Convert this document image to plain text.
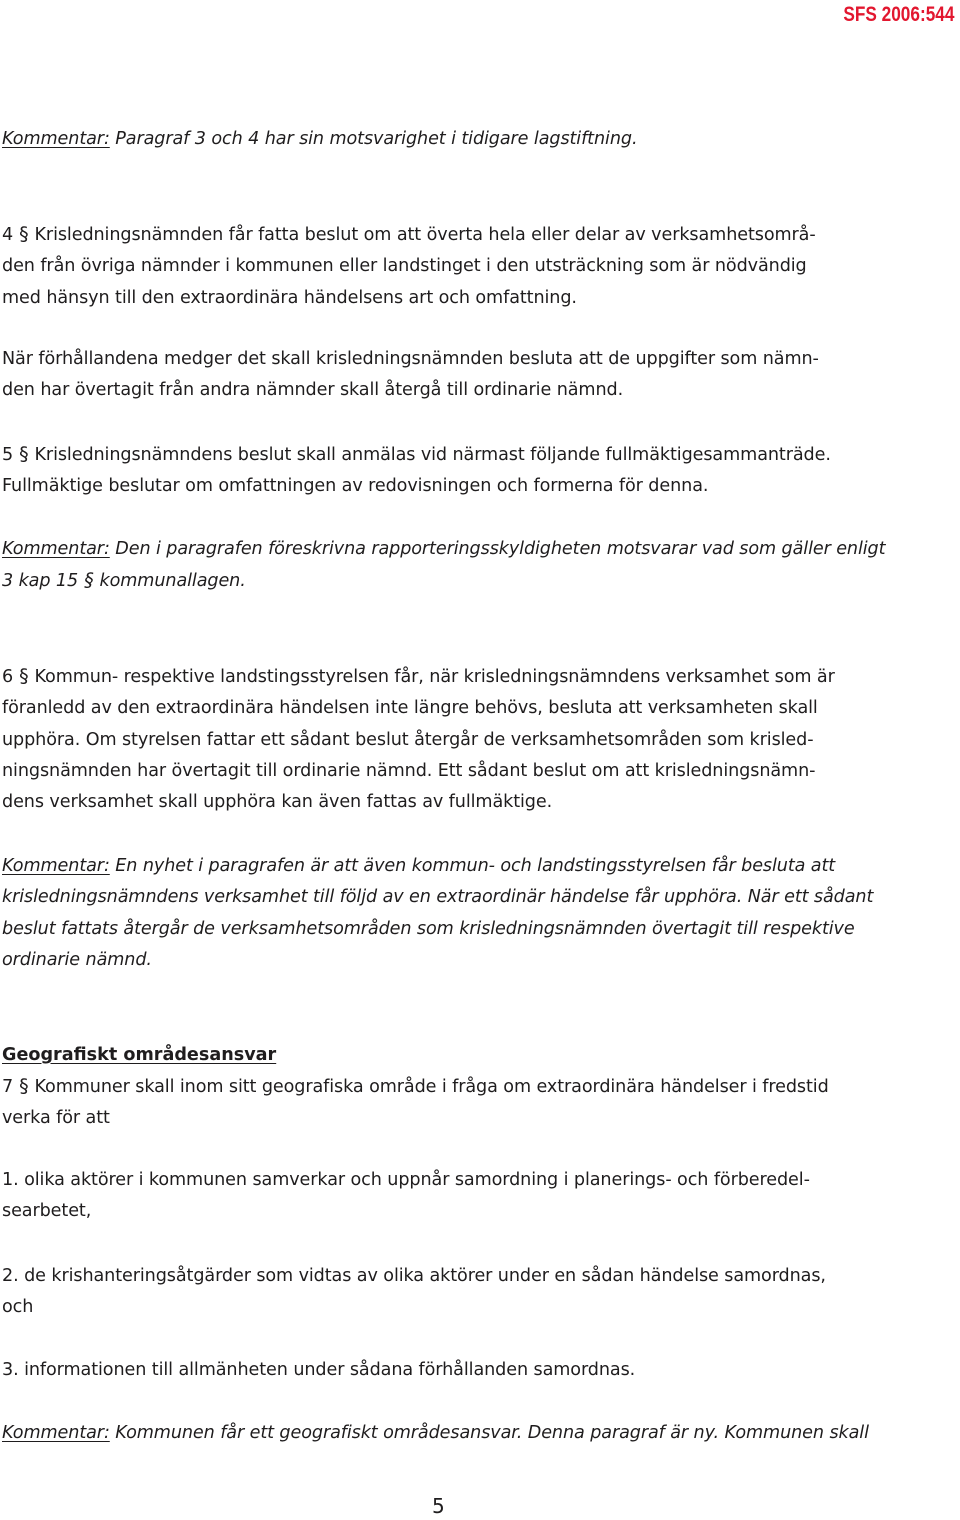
SFS 2006:544
Kommentar: Paragraf 3 och 4 har sin motsvarighet i tidigare lagstiftning.
4 § Krisledningsnämnden får fatta beslut om att överta hela eller delar av verksamhetsområ-
den från övriga nämnder i kommunen eller landstinget i den utsträckning som är nödvändig
med hänsyn till den extraordinära händelsens art och omfattning.
När förhållandena medger det skall krisledningsnämnden besluta att de uppgifter som nämn-
den har övertagit från andra nämnder skall återgå till ordinarie nämnd.
5 § Krisledningsnämndens beslut skall anmälas vid närmast följande fullmäktigesammanträde.
Fullmäktige beslutar om omfattningen av redovisningen och formerna för denna.
Kommentar: Den i paragrafen föreskrivna rapporteringsskyldigheten motsvarar vad som gäller enligt
3 kap 15 § kommunallagen.
6 § Kommun- respektive landstingsstyrelsen får, när krisledningsnämndens verksamhet som är
föranledd av den extraordinära händelsen inte längre behövs, besluta att verksamheten skall
upphöra. Om styrelsen fattar ett sådant beslut återgår de verksamhetsområden som krisled-
ningsnämnden har övertagit till ordinarie nämnd. Ett sådant beslut om att krisledningsnämn-
dens verksamhet skall upphöra kan även fattas av fullmäktige.
Kommentar: En nyhet i paragrafen är att även kommun- och landstingsstyrelsen får besluta att
krisledningsnämndens verksamhet till följd av en extraordinär händelse får upphöra. När ett sådant
beslut fattats återgår de verksamhetsområden som krisledningsnämnden övertagit till respektive
ordinarie nämnd.
Geografiskt områdesansvar
7 § Kommuner skall inom sitt geografiska område i fråga om extraordinära händelser i fredstid
verka för att
1. olika aktörer i kommunen samverkar och uppnår samordning i planerings- och förberedel-
searbetet,
2. de krishanteringsåtgärder som vidtas av olika aktörer under en sådan händelse samordnas,
och
3. informationen till allmänheten under sådana förhållanden samordnas.
Kommentar: Kommunen får ett geografiskt områdesansvar. Denna paragraf är ny. Kommunen skall
5
